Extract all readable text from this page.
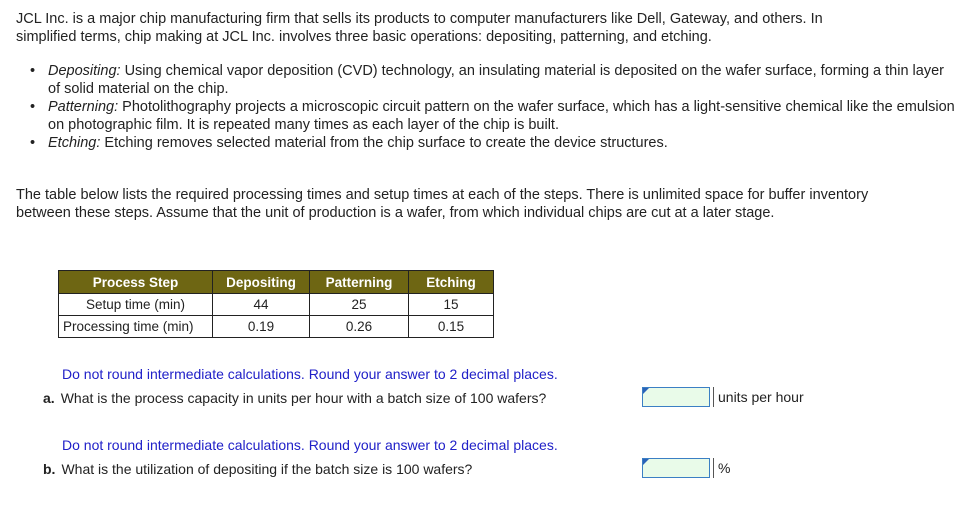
JCL Inc. is a major chip manufacturing firm that sells its products to computer manufacturers like Dell, Gateway, and others. In
simplified terms, chip making at JCL Inc. involves three basic operations: depositing, patterning, and etching.

• Depositing: Using chemical vapor deposition (CVD) technology, an insulating material is deposited on the wafer surface, forming a thin layer of solid material on the chip.
• Patterning: Photolithography projects a microscopic circuit pattern on the wafer surface, which has a light-sensitive chemical like the emulsion on photographic film. It is repeated many times as each layer of the chip is built.
• Etching: Etching removes selected material from the chip surface to create the device structures.

The table below lists the required processing times and setup times at each of the steps. There is unlimited space for buffer inventory
between these steps. Assume that the unit of production is a wafer, from which individual chips are cut at a later stage.

Process Step	Depositing	Patterning	Etching
Setup time (min)	44	25	15
Processing time (min)	0.19	0.26	0.15
Do not round intermediate calculations. Round your answer to 2 decimal places.
a. What is the process capacity in units per hour with a batch size of 100 wafers?	units per hour
Do not round intermediate calculations. Round your answer to 2 decimal places.
b. What is the utilization of depositing if the batch size is 100 wafers?	%
